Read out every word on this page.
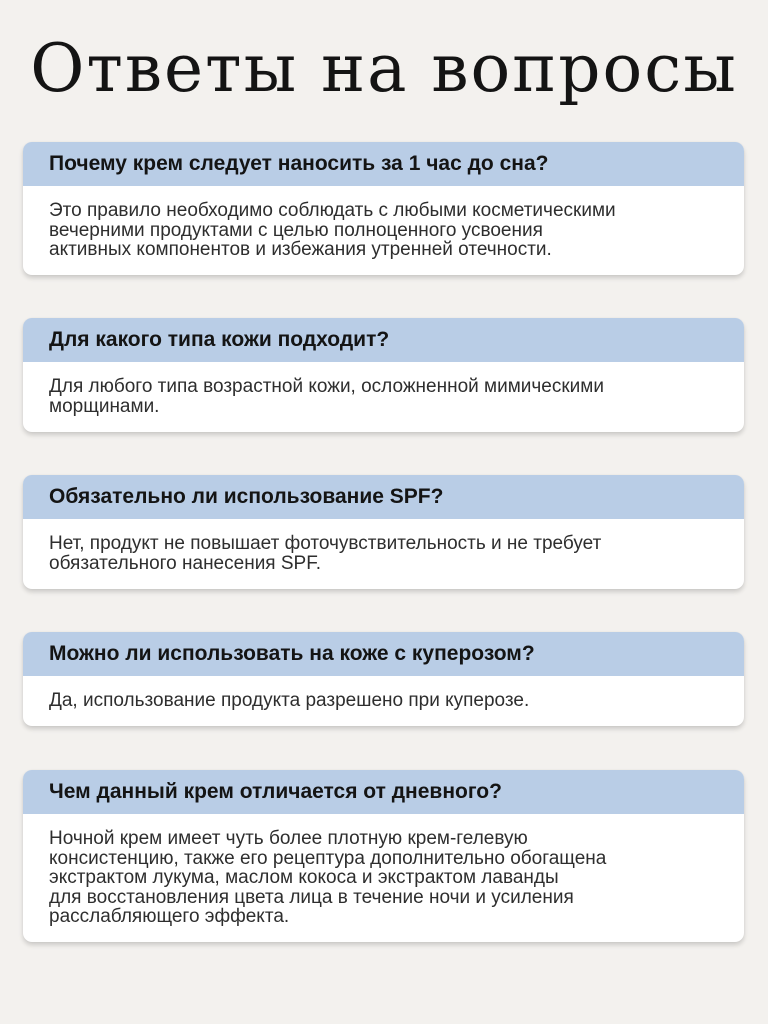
Ответы на вопросы
Почему крем следует наносить за 1 час до сна?
Это правило необходимо соблюдать с любыми косметическими
вечерними продуктами с целью полноценного усвоения
активных компонентов и избежания утренней отечности.
Для какого типа кожи подходит?
Для любого типа возрастной кожи, осложненной мимическими
морщинами.
Обязательно ли использование SPF?
Нет, продукт не повышает фоточувствительность и не требует
обязательного нанесения SPF.
Можно ли использовать на коже с куперозом?
Да, использование продукта разрешено при куперозе.
Чем данный крем отличается от дневного?
Ночной крем имеет чуть более плотную крем-гелевую
консистенцию, также его рецептура дополнительно обогащена
экстрактом лукума, маслом кокоса и экстрактом лаванды
для восстановления цвета лица в течение ночи и усиления
расслабляющего эффекта.
